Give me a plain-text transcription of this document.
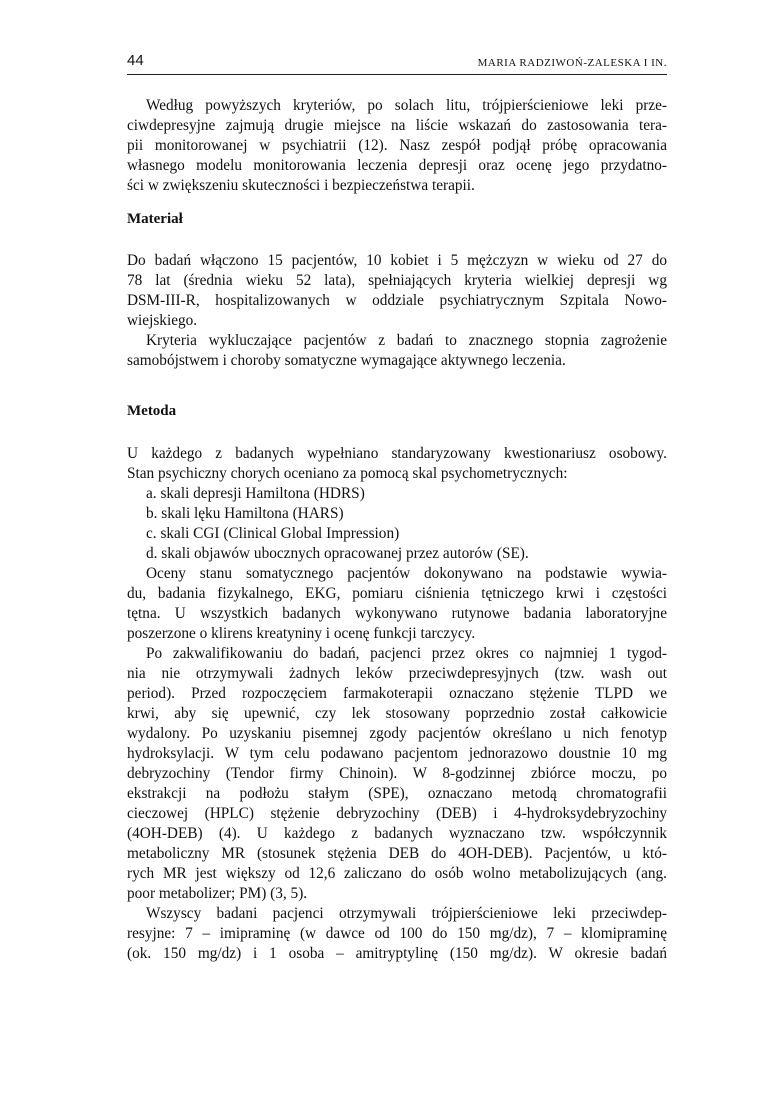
44	MARIA RADZIWOŃ-ZALESKA I IN.
Według powyższych kryteriów, po solach litu, trójpierścieniowe leki prze-
ciwdepresyjne zajmują drugie miejsce na liście wskazań do zastosowania tera-
pii monitorowanej w psychiatrii (12). Nasz zespół podjął próbę opracowania
własnego modelu monitorowania leczenia depresji oraz ocenę jego przydatno-
ści w zwiększeniu skuteczności i bezpieczeństwa terapii.
Materiał
Do badań włączono 15 pacjentów, 10 kobiet i 5 mężczyzn w wieku od 27 do
78 lat (średnia wieku 52 lata), spełniających kryteria wielkiej depresji wg
DSM-III-R, hospitalizowanych w oddziale psychiatrycznym Szpitala Nowo-
wiejskiego.
Kryteria wykluczające pacjentów z badań to znacznego stopnia zagrożenie
samobójstwem i choroby somatyczne wymagające aktywnego leczenia.
Metoda
U każdego z badanych wypełniano standaryzowany kwestionariusz osobowy.
Stan psychiczny chorych oceniano za pomocą skal psychometrycznych:
a. skali depresji Hamiltona (HDRS)
b. skali lęku Hamiltona (HARS)
c. skali CGI (Clinical Global Impression)
d. skali objawów ubocznych opracowanej przez autorów (SE).
Oceny stanu somatycznego pacjentów dokonywano na podstawie wywia-
du, badania fizykalnego, EKG, pomiaru ciśnienia tętniczego krwi i częstości
tętna. U wszystkich badanych wykonywano rutynowe badania laboratoryjne
poszerzone o klirens kreatyniny i ocenę funkcji tarczycy.
Po zakwalifikowaniu do badań, pacjenci przez okres co najmniej 1 tygod-
nia nie otrzymywali żadnych leków przeciwdepresyjnych (tzw. wash out
period). Przed rozpoczęciem farmakoterapii oznaczano stężenie TLPD we
krwi, aby się upewnić, czy lek stosowany poprzednio został całkowicie
wydalony. Po uzyskaniu pisemnej zgody pacjentów określano u nich fenotyp
hydroksylacji. W tym celu podawano pacjentom jednorazowo doustnie 10 mg
debryzochiny (Tendor firmy Chinoin). W 8-godzinnej zbiórce moczu, po
ekstrakcji na podłożu stałym (SPE), oznaczano metodą chromatografii
cieczowej (HPLC) stężenie debryzochiny (DEB) i 4-hydroksydebryzochiny
(4OH-DEB) (4). U każdego z badanych wyznaczano tzw. współczynnik
metaboliczny MR (stosunek stężenia DEB do 4OH-DEB). Pacjentów, u któ-
rych MR jest większy od 12,6 zaliczano do osób wolno metabolizujących (ang.
poor metabolizer; PM) (3, 5).
Wszyscy badani pacjenci otrzymywali trójpierścieniowe leki przeciwdep-
resyjne: 7 – imipraminę (w dawce od 100 do 150 mg/dz), 7 – klomipraminę
(ok. 150 mg/dz) i 1 osoba – amitryptylinę (150 mg/dz). W okresie badań
